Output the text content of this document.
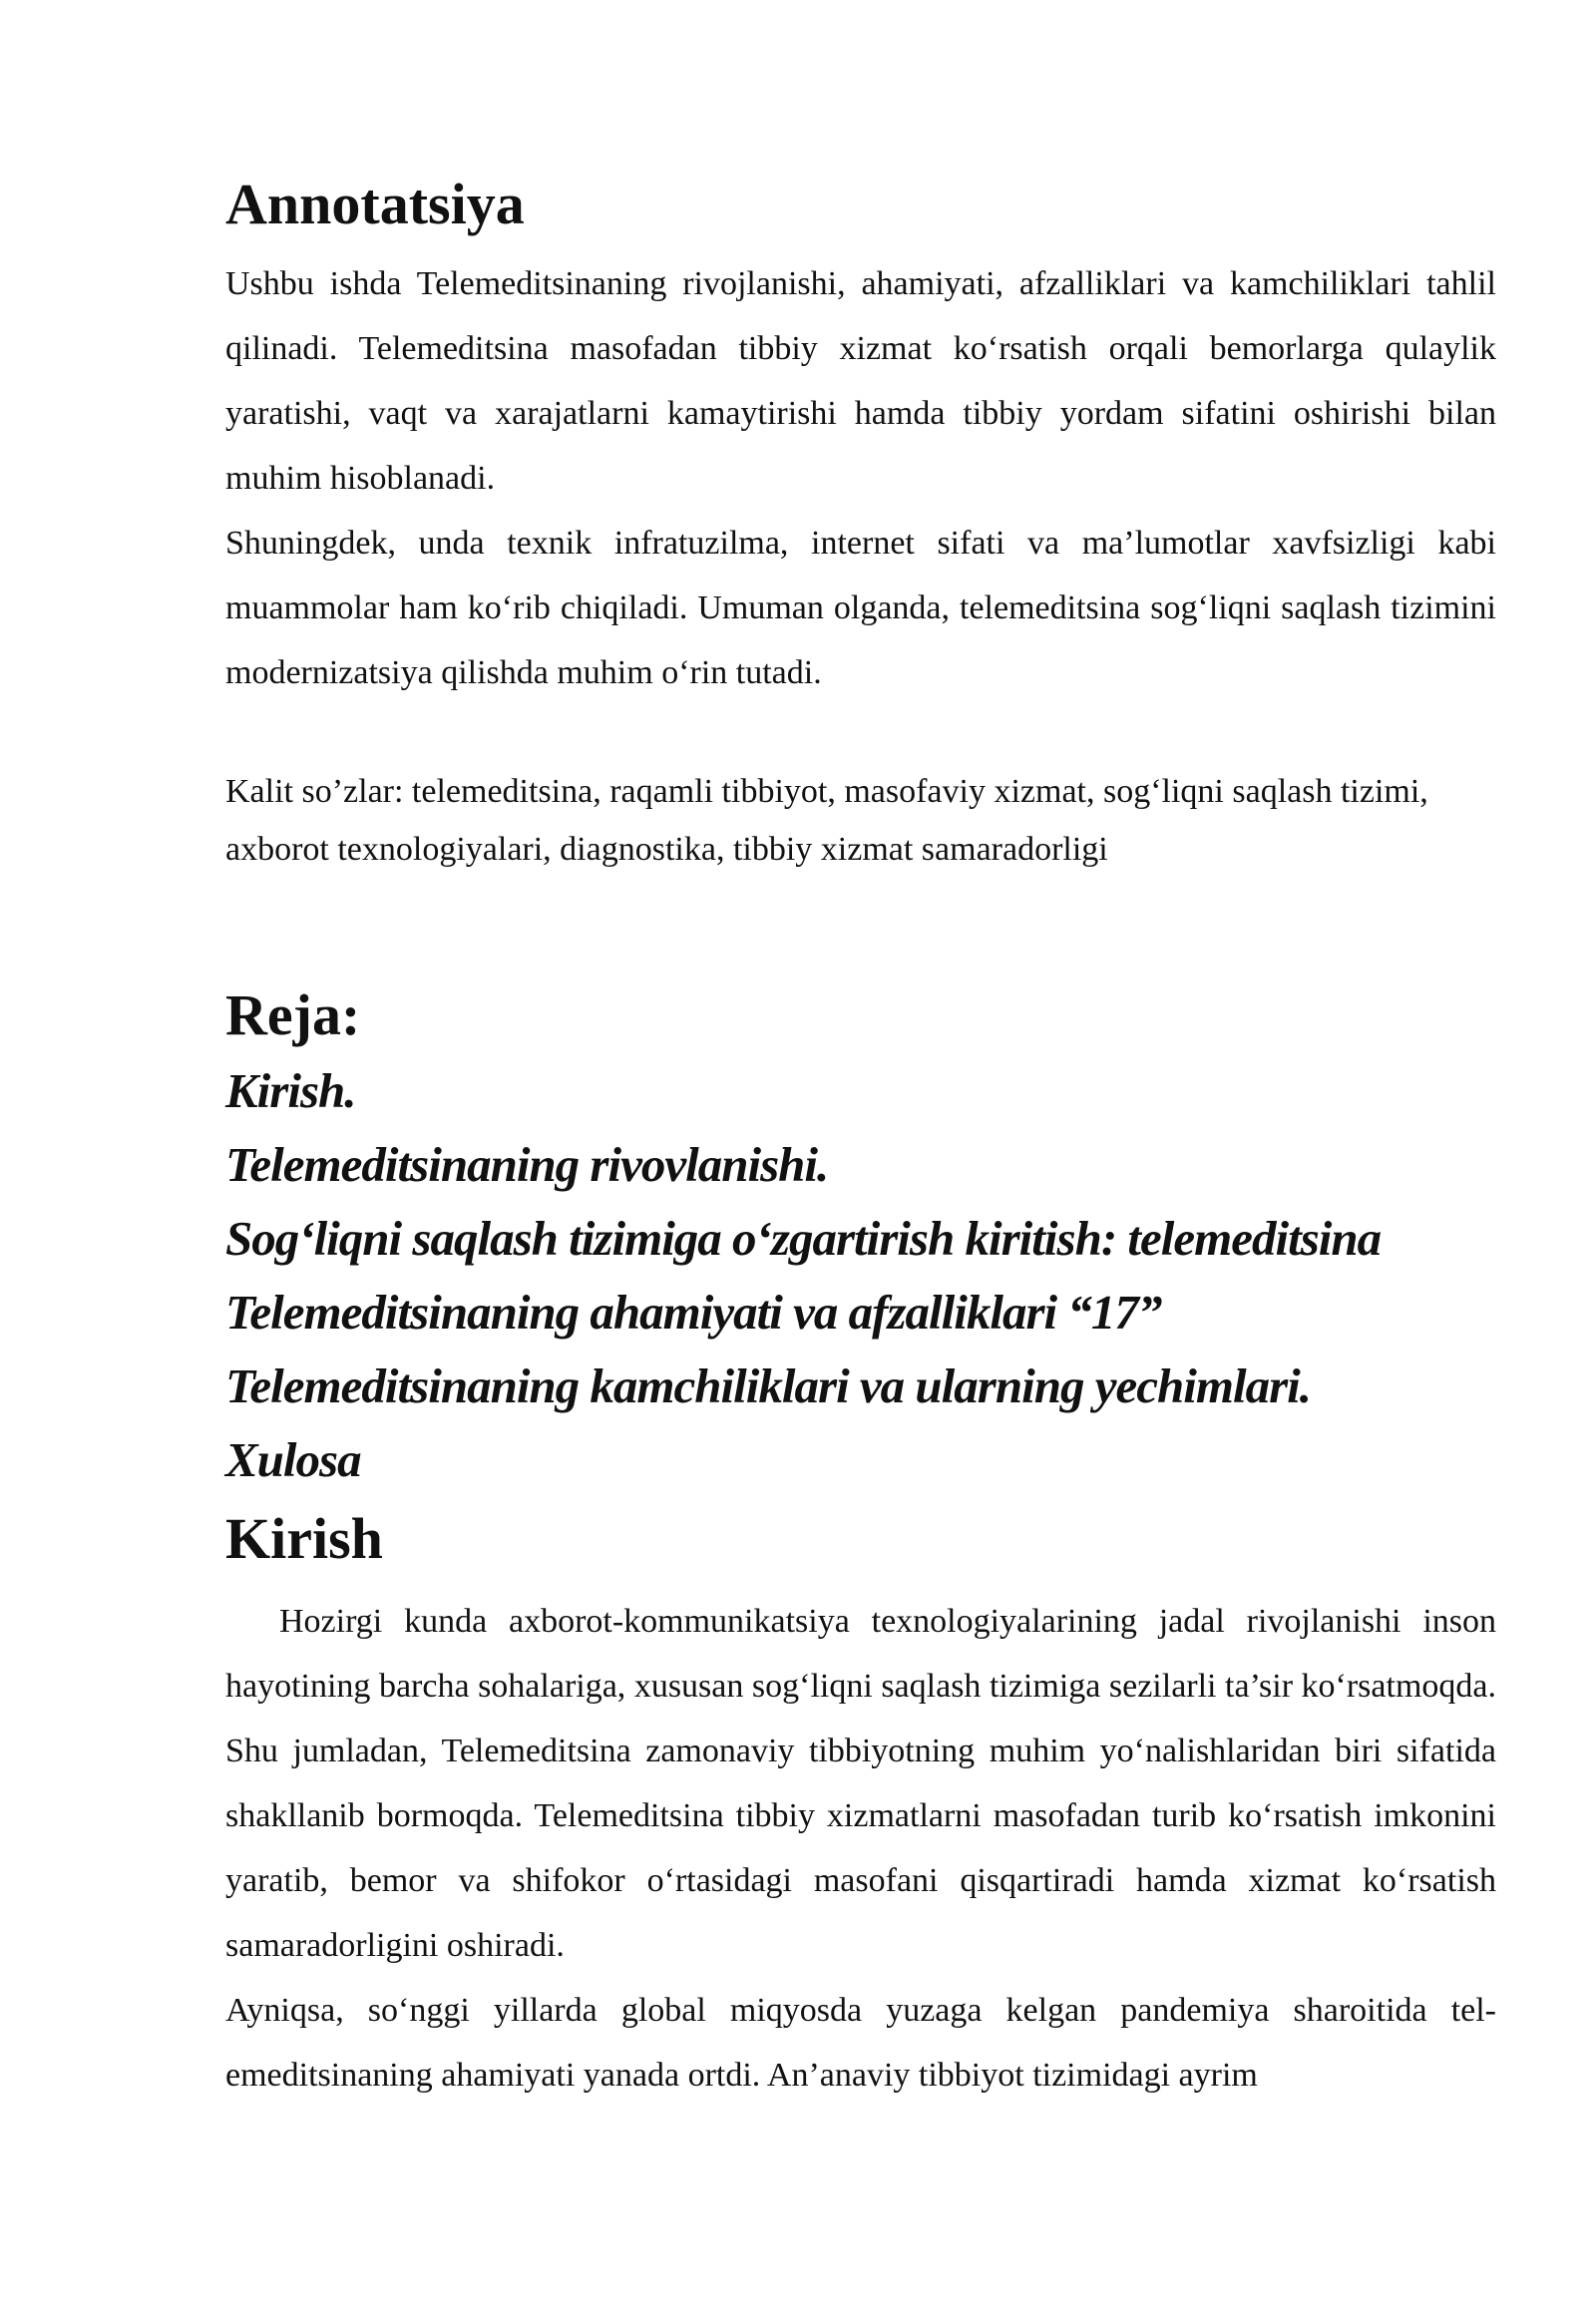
Annotatsiya

Ushbu ishda Telemeditsinaning rivojlanishi, ahamiyati, afzalliklari va kamchiliklari tahlil qilinadi. Telemeditsina masofadan tibbiy xizmat ko‘rsatish orqali bemorlarga qulaylik yaratishi, vaqt va xarajatlarni kamaytirishi hamda tibbiy yordam sifatini oshirishi bilan muhim hisoblanadi.

Shuningdek, unda texnik infratuzilma, internet sifati va ma’lumotlar xavfsizligi kabi muammolar ham ko‘rib chiqiladi. Umuman olganda, telemeditsina sog‘liqni saqlash tizimini modernizatsiya qilishda muhim o‘rin tutadi.

Kalit so’zlar: telemeditsina, raqamli tibbiyot, masofaviy xizmat, sog‘liqni saqlash tizimi, axborot texnologiyalari, diagnostika, tibbiy xizmat samaradorligi

Reja:
Kirish.
Telemeditsinaning rivovlanishi.
Sog‘liqni saqlash tizimiga o‘zgartirish kiritish: telemeditsina
Telemeditsinaning ahamiyati va afzalliklari “17”
Telemeditsinaning kamchiliklari va ularning yechimlari.
Xulosa
Kirish

Hozirgi kunda axborot-kommunikatsiya texnologiyalarining jadal rivojlanishi inson hayotining barcha sohalariga, xususan sog‘liqni saqlash tizimiga sezilarli ta’sir ko‘rsatmoqda. Shu jumladan, Telemeditsina zamonaviy tibbiyotning muhim yo‘nalishlaridan biri sifatida shakllanib bormoqda. Telemeditsina tibbiy xizmatlarni masofadan turib ko‘rsatish imkonini yaratib, bemor va shifokor o‘rtasidagi masofani qisqartiradi hamda xizmat ko‘rsatish samaradorligini oshiradi.

Ayniqsa, so‘nggi yillarda global miqyosda yuzaga kelgan pandemiya sharoitida tel-emeditsinaning ahamiyati yanada ortdi. An’anaviy tibbiyot tizimidagi ayrim
